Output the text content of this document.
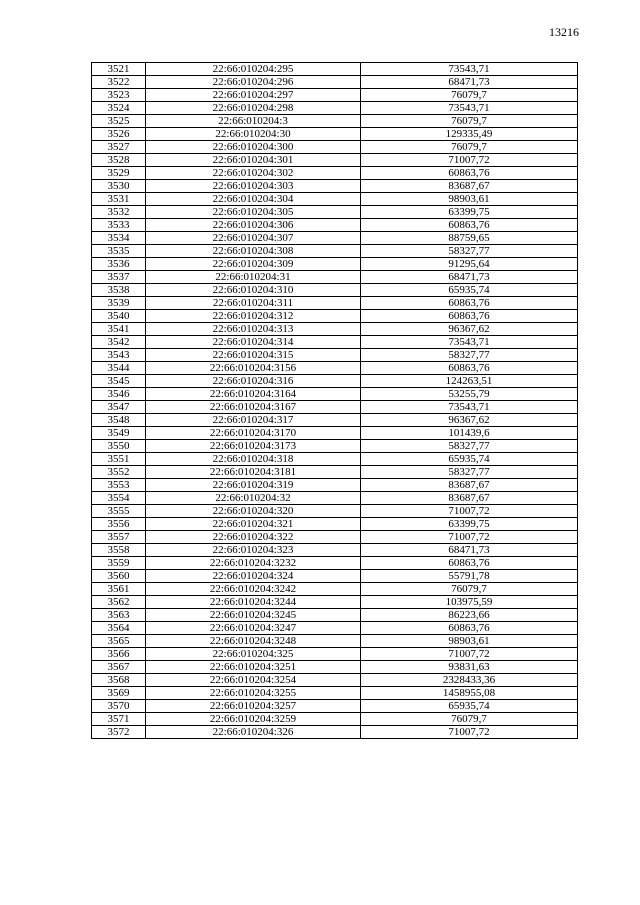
13216
3521	22:66:010204:295	73543,71
3522	22:66:010204:296	68471,73
3523	22:66:010204:297	76079,7
3524	22:66:010204:298	73543,71
3525	22:66:010204:3	76079,7
3526	22:66:010204:30	129335,49
3527	22:66:010204:300	76079,7
3528	22:66:010204:301	71007,72
3529	22:66:010204:302	60863,76
3530	22:66:010204:303	83687,67
3531	22:66:010204:304	98903,61
3532	22:66:010204:305	63399,75
3533	22:66:010204:306	60863,76
3534	22:66:010204:307	88759,65
3535	22:66:010204:308	58327,77
3536	22:66:010204:309	91295,64
3537	22:66:010204:31	68471,73
3538	22:66:010204:310	65935,74
3539	22:66:010204:311	60863,76
3540	22:66:010204:312	60863,76
3541	22:66:010204:313	96367,62
3542	22:66:010204:314	73543,71
3543	22:66:010204:315	58327,77
3544	22:66:010204:3156	60863,76
3545	22:66:010204:316	124263,51
3546	22:66:010204:3164	53255,79
3547	22:66:010204:3167	73543,71
3548	22:66:010204:317	96367,62
3549	22:66:010204:3170	101439,6
3550	22:66:010204:3173	58327,77
3551	22:66:010204:318	65935,74
3552	22:66:010204:3181	58327,77
3553	22:66:010204:319	83687,67
3554	22:66:010204:32	83687,67
3555	22:66:010204:320	71007,72
3556	22:66:010204:321	63399,75
3557	22:66:010204:322	71007,72
3558	22:66:010204:323	68471,73
3559	22:66:010204:3232	60863,76
3560	22:66:010204:324	55791,78
3561	22:66:010204:3242	76079,7
3562	22:66:010204:3244	103975,59
3563	22:66:010204:3245	86223,66
3564	22:66:010204:3247	60863,76
3565	22:66:010204:3248	98903,61
3566	22:66:010204:325	71007,72
3567	22:66:010204:3251	93831,63
3568	22:66:010204:3254	2328433,36
3569	22:66:010204:3255	1458955,08
3570	22:66:010204:3257	65935,74
3571	22:66:010204:3259	76079,7
3572	22:66:010204:326	71007,72
